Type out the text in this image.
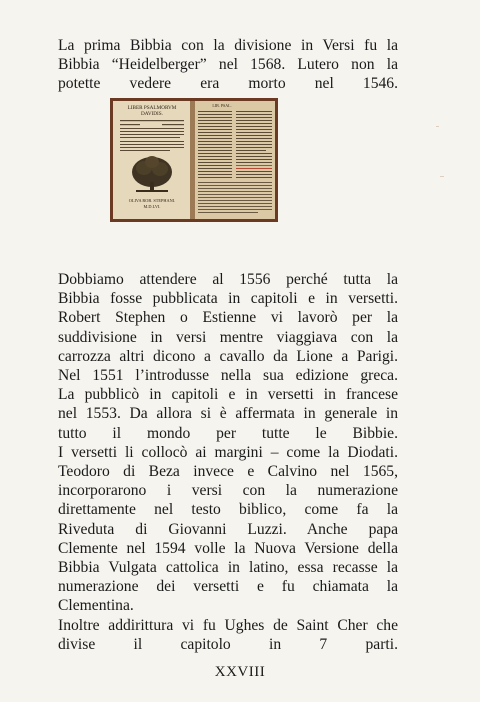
La prima Bibbia con la divisione in Versi fu la
Bibbia “Heidelberger” nel 1568. Lutero non la
potette vedere era morto nel 1546.
LIBER PSALMORVM
DAVIDIS.
OLIVA ROB. STEPHANI.
M.D.LVI.
LIB. PSAL.
Dobbiamo attendere al 1556 perché tutta la
Bibbia fosse pubblicata in capitoli e in versetti.
Robert Stephen o Estienne vi lavorò per la
suddivisione in versi mentre viaggiava con la
carrozza altri dicono a cavallo da Lione a Parigi.
Nel 1551 l’introdusse nella sua edizione greca.
La pubblicò in capitoli e in versetti in francese
nel 1553. Da allora si è affermata in generale in
tutto il mondo per tutte le Bibbie.
I versetti li collocò ai margini – come la Diodati.
Teodoro di Beza invece e Calvino nel 1565,
incorporarono i versi con la numerazione
direttamente nel testo biblico, come fa la
Riveduta di Giovanni Luzzi. Anche papa
Clemente nel 1594 volle la Nuova Versione della
Bibbia Vulgata cattolica in latino, essa recasse la
numerazione dei versetti e fu chiamata la
Clementina.
Inoltre addirittura vi fu Ughes de Saint Cher che
divise il capitolo in 7 parti.
XXVIII
